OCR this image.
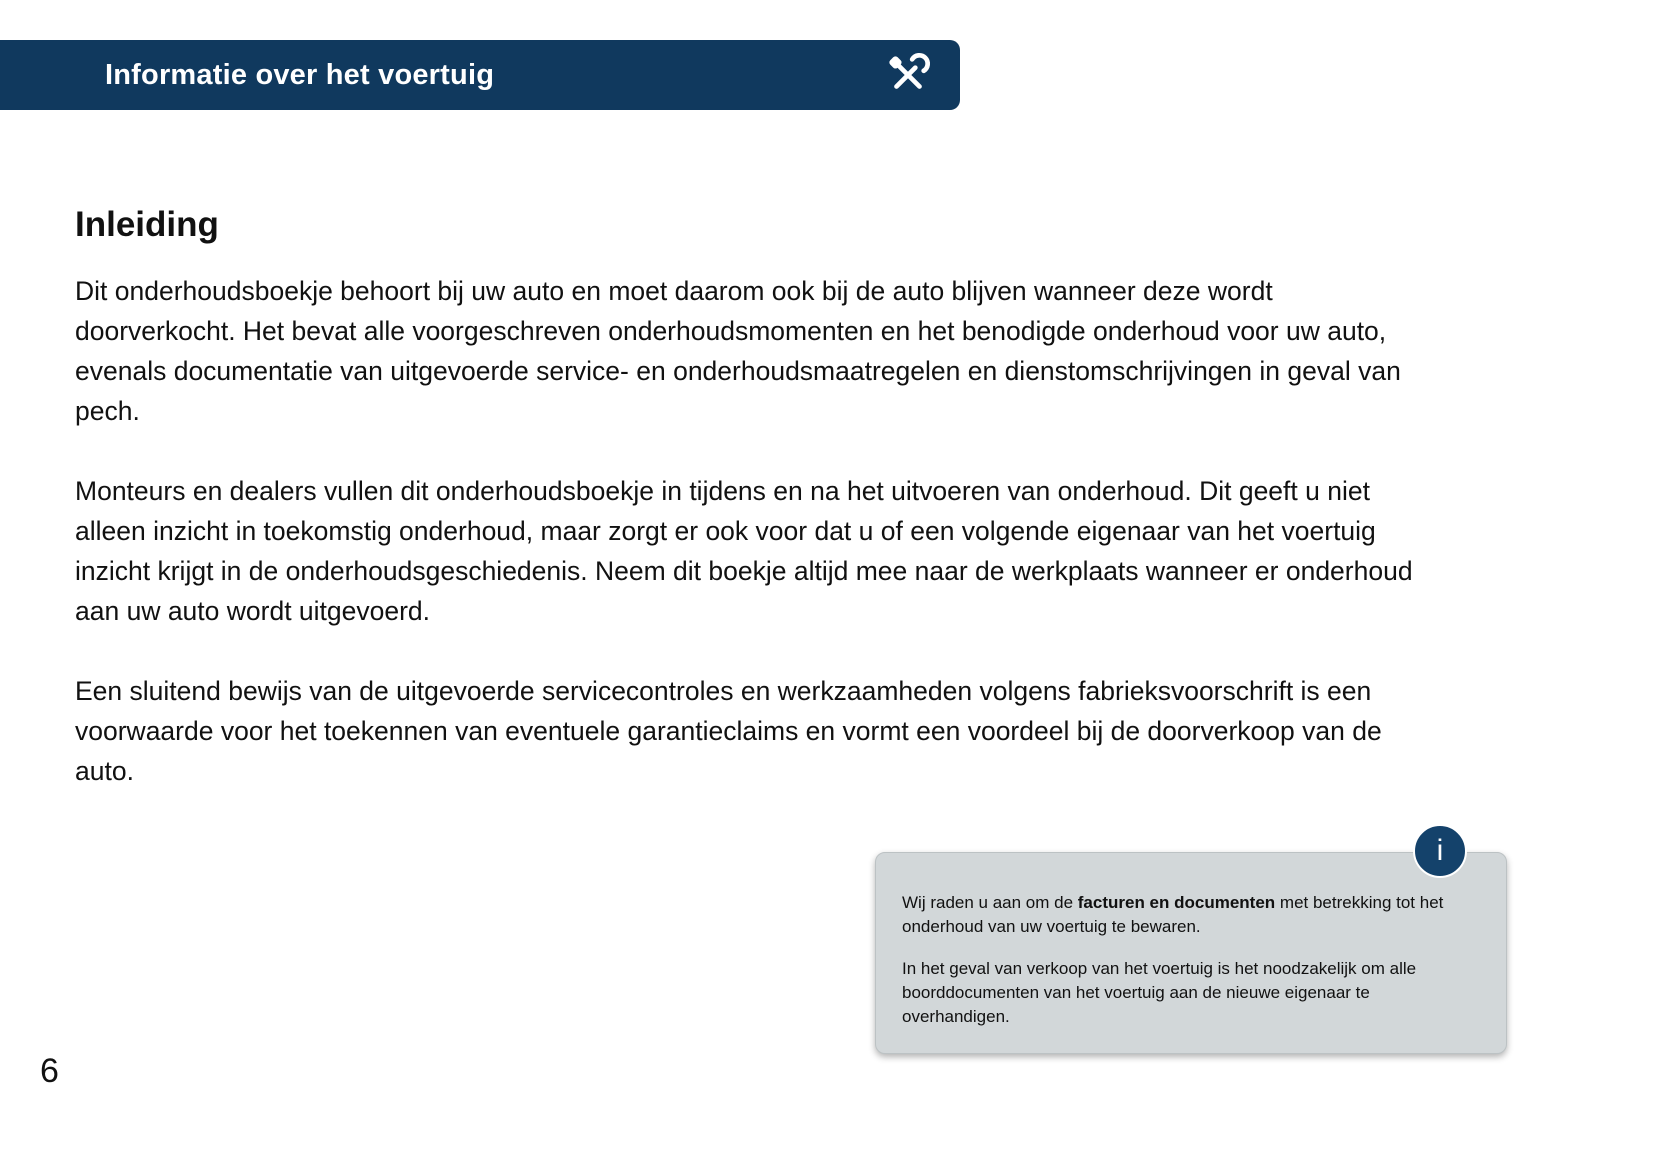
Informatie over het voertuig
Inleiding

Dit onderhoudsboekje behoort bij uw auto en moet daarom ook bij de auto blijven wanneer deze wordt doorverkocht. Het bevat alle voorgeschreven onderhoudsmomenten en het benodigde onderhoud voor uw auto, evenals documentatie van uitgevoerde service- en onderhoudsmaatregelen en dienstomschrijvingen in geval van pech.

Monteurs en dealers vullen dit onderhoudsboekje in tijdens en na het uitvoeren van onderhoud. Dit geeft u niet alleen inzicht in toekomstig onderhoud, maar zorgt er ook voor dat u of een volgende eigenaar van het voertuig inzicht krijgt in de onderhoudsgeschiedenis. Neem dit boekje altijd mee naar de werkplaats wanneer er onderhoud aan uw auto wordt uitgevoerd.

Een sluitend bewijs van de uitgevoerde servicecontroles en werkzaamheden volgens fabrieksvoorschrift is een voorwaarde voor het toekennen van eventuele garantieclaims en vormt een voordeel bij de doorverkoop van de auto.

i

Wij raden u aan om de facturen en documenten met betrekking tot het onderhoud van uw voertuig te bewaren.

In het geval van verkoop van het voertuig is het noodzakelijk om alle boorddocumenten van het voertuig aan de nieuwe eigenaar te overhandigen.

6
